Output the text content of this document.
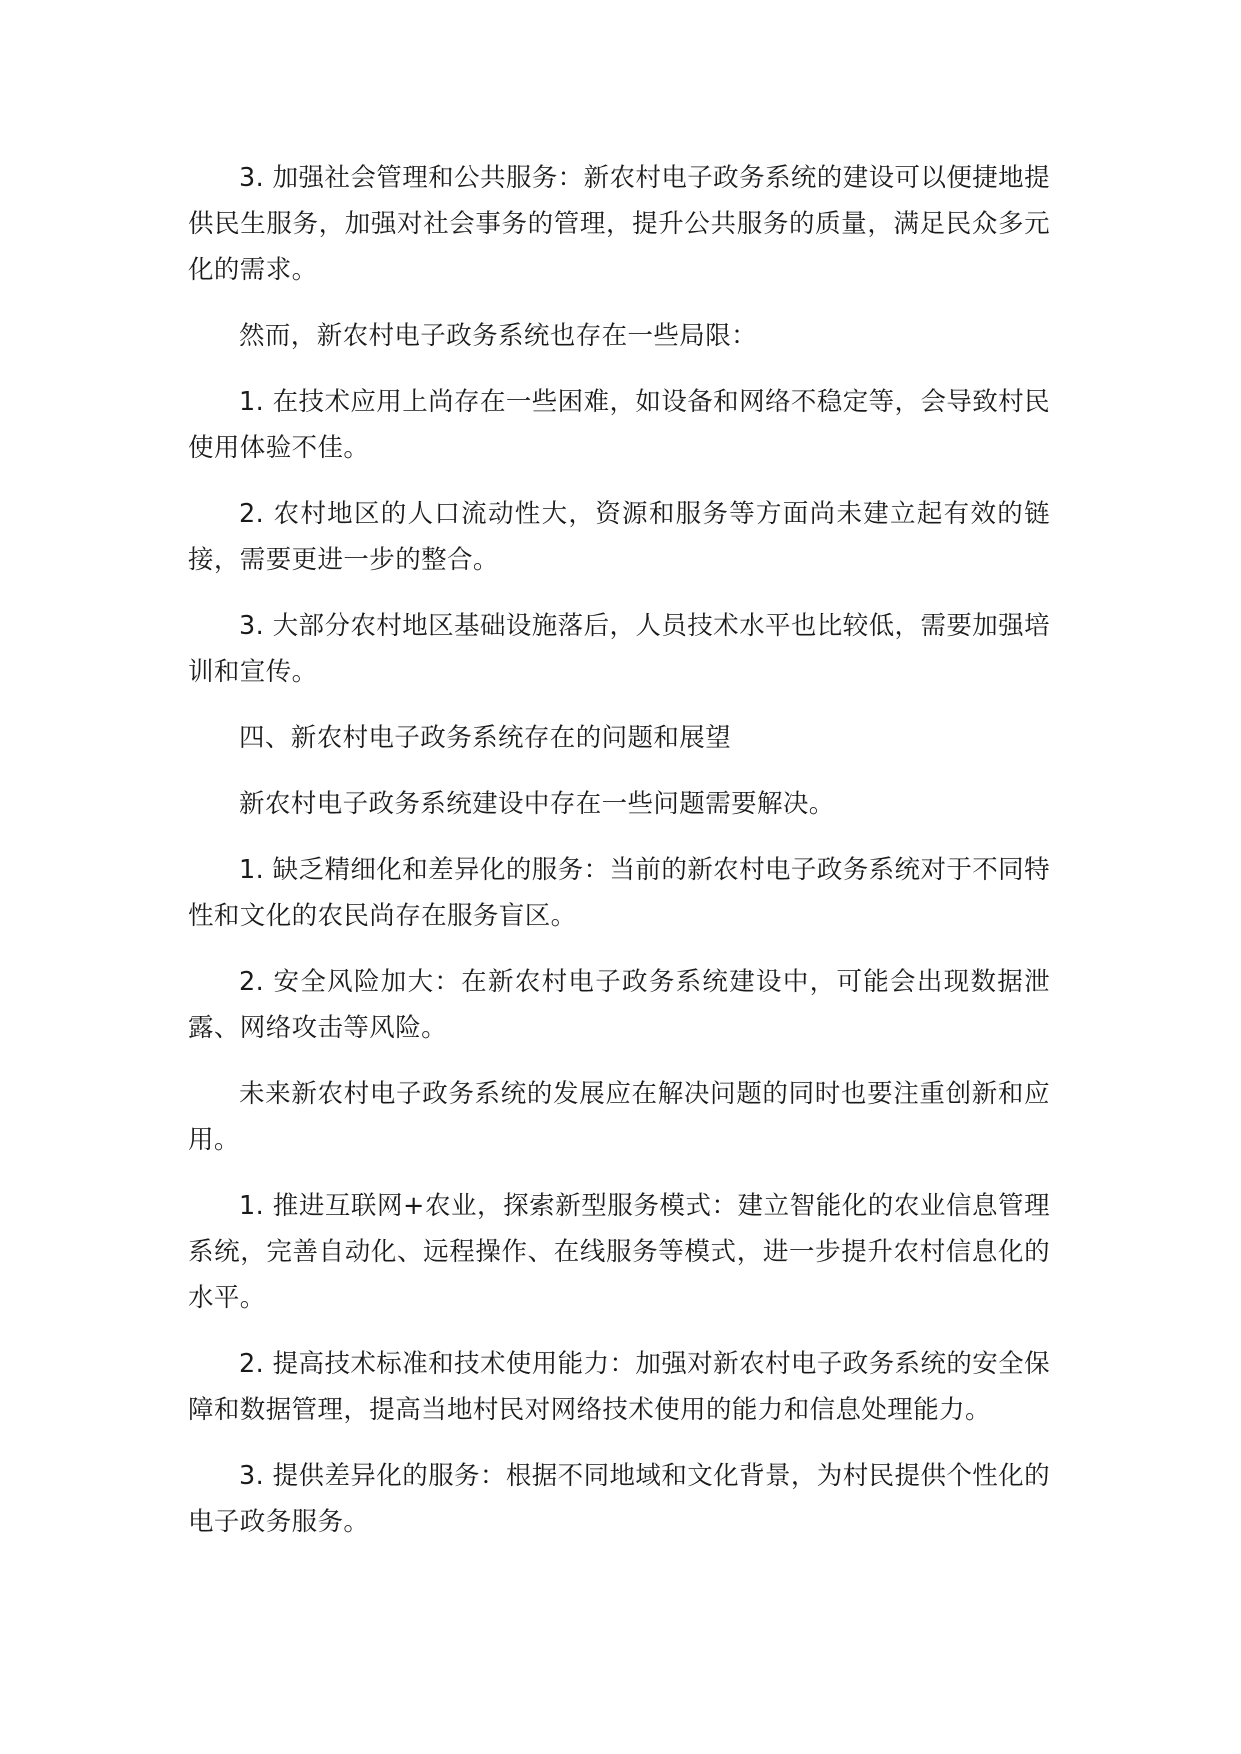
3. 加强社会管理和公共服务：新农村电子政务系统的建设可以便捷地提供民生服务，加强对社会事务的管理，提升公共服务的质量，满足民众多元化的需求。

然而，新农村电子政务系统也存在一些局限：

1. 在技术应用上尚存在一些困难，如设备和网络不稳定等，会导致村民使用体验不佳。

2. 农村地区的人口流动性大，资源和服务等方面尚未建立起有效的链接，需要更进一步的整合。

3. 大部分农村地区基础设施落后，人员技术水平也比较低，需要加强培训和宣传。

四、新农村电子政务系统存在的问题和展望

新农村电子政务系统建设中存在一些问题需要解决。

1. 缺乏精细化和差异化的服务：当前的新农村电子政务系统对于不同特性和文化的农民尚存在服务盲区。

2. 安全风险加大：在新农村电子政务系统建设中，可能会出现数据泄露、网络攻击等风险。

未来新农村电子政务系统的发展应在解决问题的同时也要注重创新和应用。

1. 推进互联网+农业，探索新型服务模式：建立智能化的农业信息管理系统，完善自动化、远程操作、在线服务等模式，进一步提升农村信息化的水平。

2. 提高技术标准和技术使用能力：加强对新农村电子政务系统的安全保障和数据管理，提高当地村民对网络技术使用的能力和信息处理能力。

3. 提供差异化的服务：根据不同地域和文化背景，为村民提供个性化的电子政务服务。
